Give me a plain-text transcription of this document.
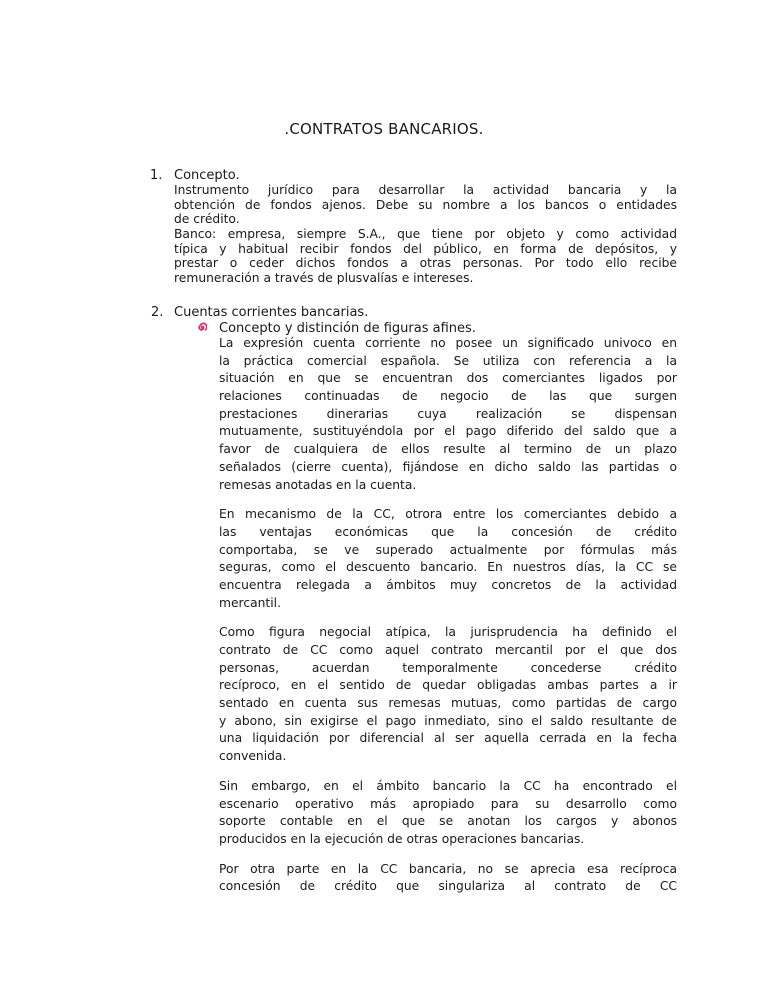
.CONTRATOS BANCARIOS.
1. Concepto.
Instrumento jurídico para desarrollar la actividad bancaria y la
obtención de fondos ajenos. Debe su nombre a los bancos o entidades
de crédito.
Banco: empresa, siempre S.A., que tiene por objeto y como actividad
típica y habitual recibir fondos del público, en forma de depósitos, y
prestar o ceder dichos fondos a otras personas. Por todo ello recibe
remuneración a través de plusvalías e intereses.
2. Cuentas corrientes bancarias.
Concepto y distinción de figuras afines.
La expresión cuenta corriente no posee un significado univoco en
la práctica comercial española. Se utiliza con referencia a la
situación en que se encuentran dos comerciantes ligados por
relaciones continuadas de negocio de las que surgen
prestaciones dinerarias cuya realización se dispensan
mutuamente, sustituyéndola por el pago diferido del saldo que a
favor de cualquiera de ellos resulte al termino de un plazo
señalados (cierre cuenta), fijándose en dicho saldo las partidas o
remesas anotadas en la cuenta.
En mecanismo de la CC, otrora entre los comerciantes debido a
las ventajas económicas que la concesión de crédito
comportaba, se ve superado actualmente por fórmulas más
seguras, como el descuento bancario. En nuestros días, la CC se
encuentra relegada a ámbitos muy concretos de la actividad
mercantil.
Como figura negocial atípica, la jurisprudencia ha definido el
contrato de CC como aquel contrato mercantil por el que dos
personas, acuerdan temporalmente concederse crédito
recíproco, en el sentido de quedar obligadas ambas partes a ir
sentado en cuenta sus remesas mutuas, como partidas de cargo
y abono, sin exigirse el pago inmediato, sino el saldo resultante de
una liquidación por diferencial al ser aquella cerrada en la fecha
convenida.
Sin embargo, en el ámbito bancario la CC ha encontrado el
escenario operativo más apropiado para su desarrollo como
soporte contable en el que se anotan los cargos y abonos
producidos en la ejecución de otras operaciones bancarias.
Por otra parte en la CC bancaria, no se aprecia esa recíproca
concesión de crédito que singulariza al contrato de CC
